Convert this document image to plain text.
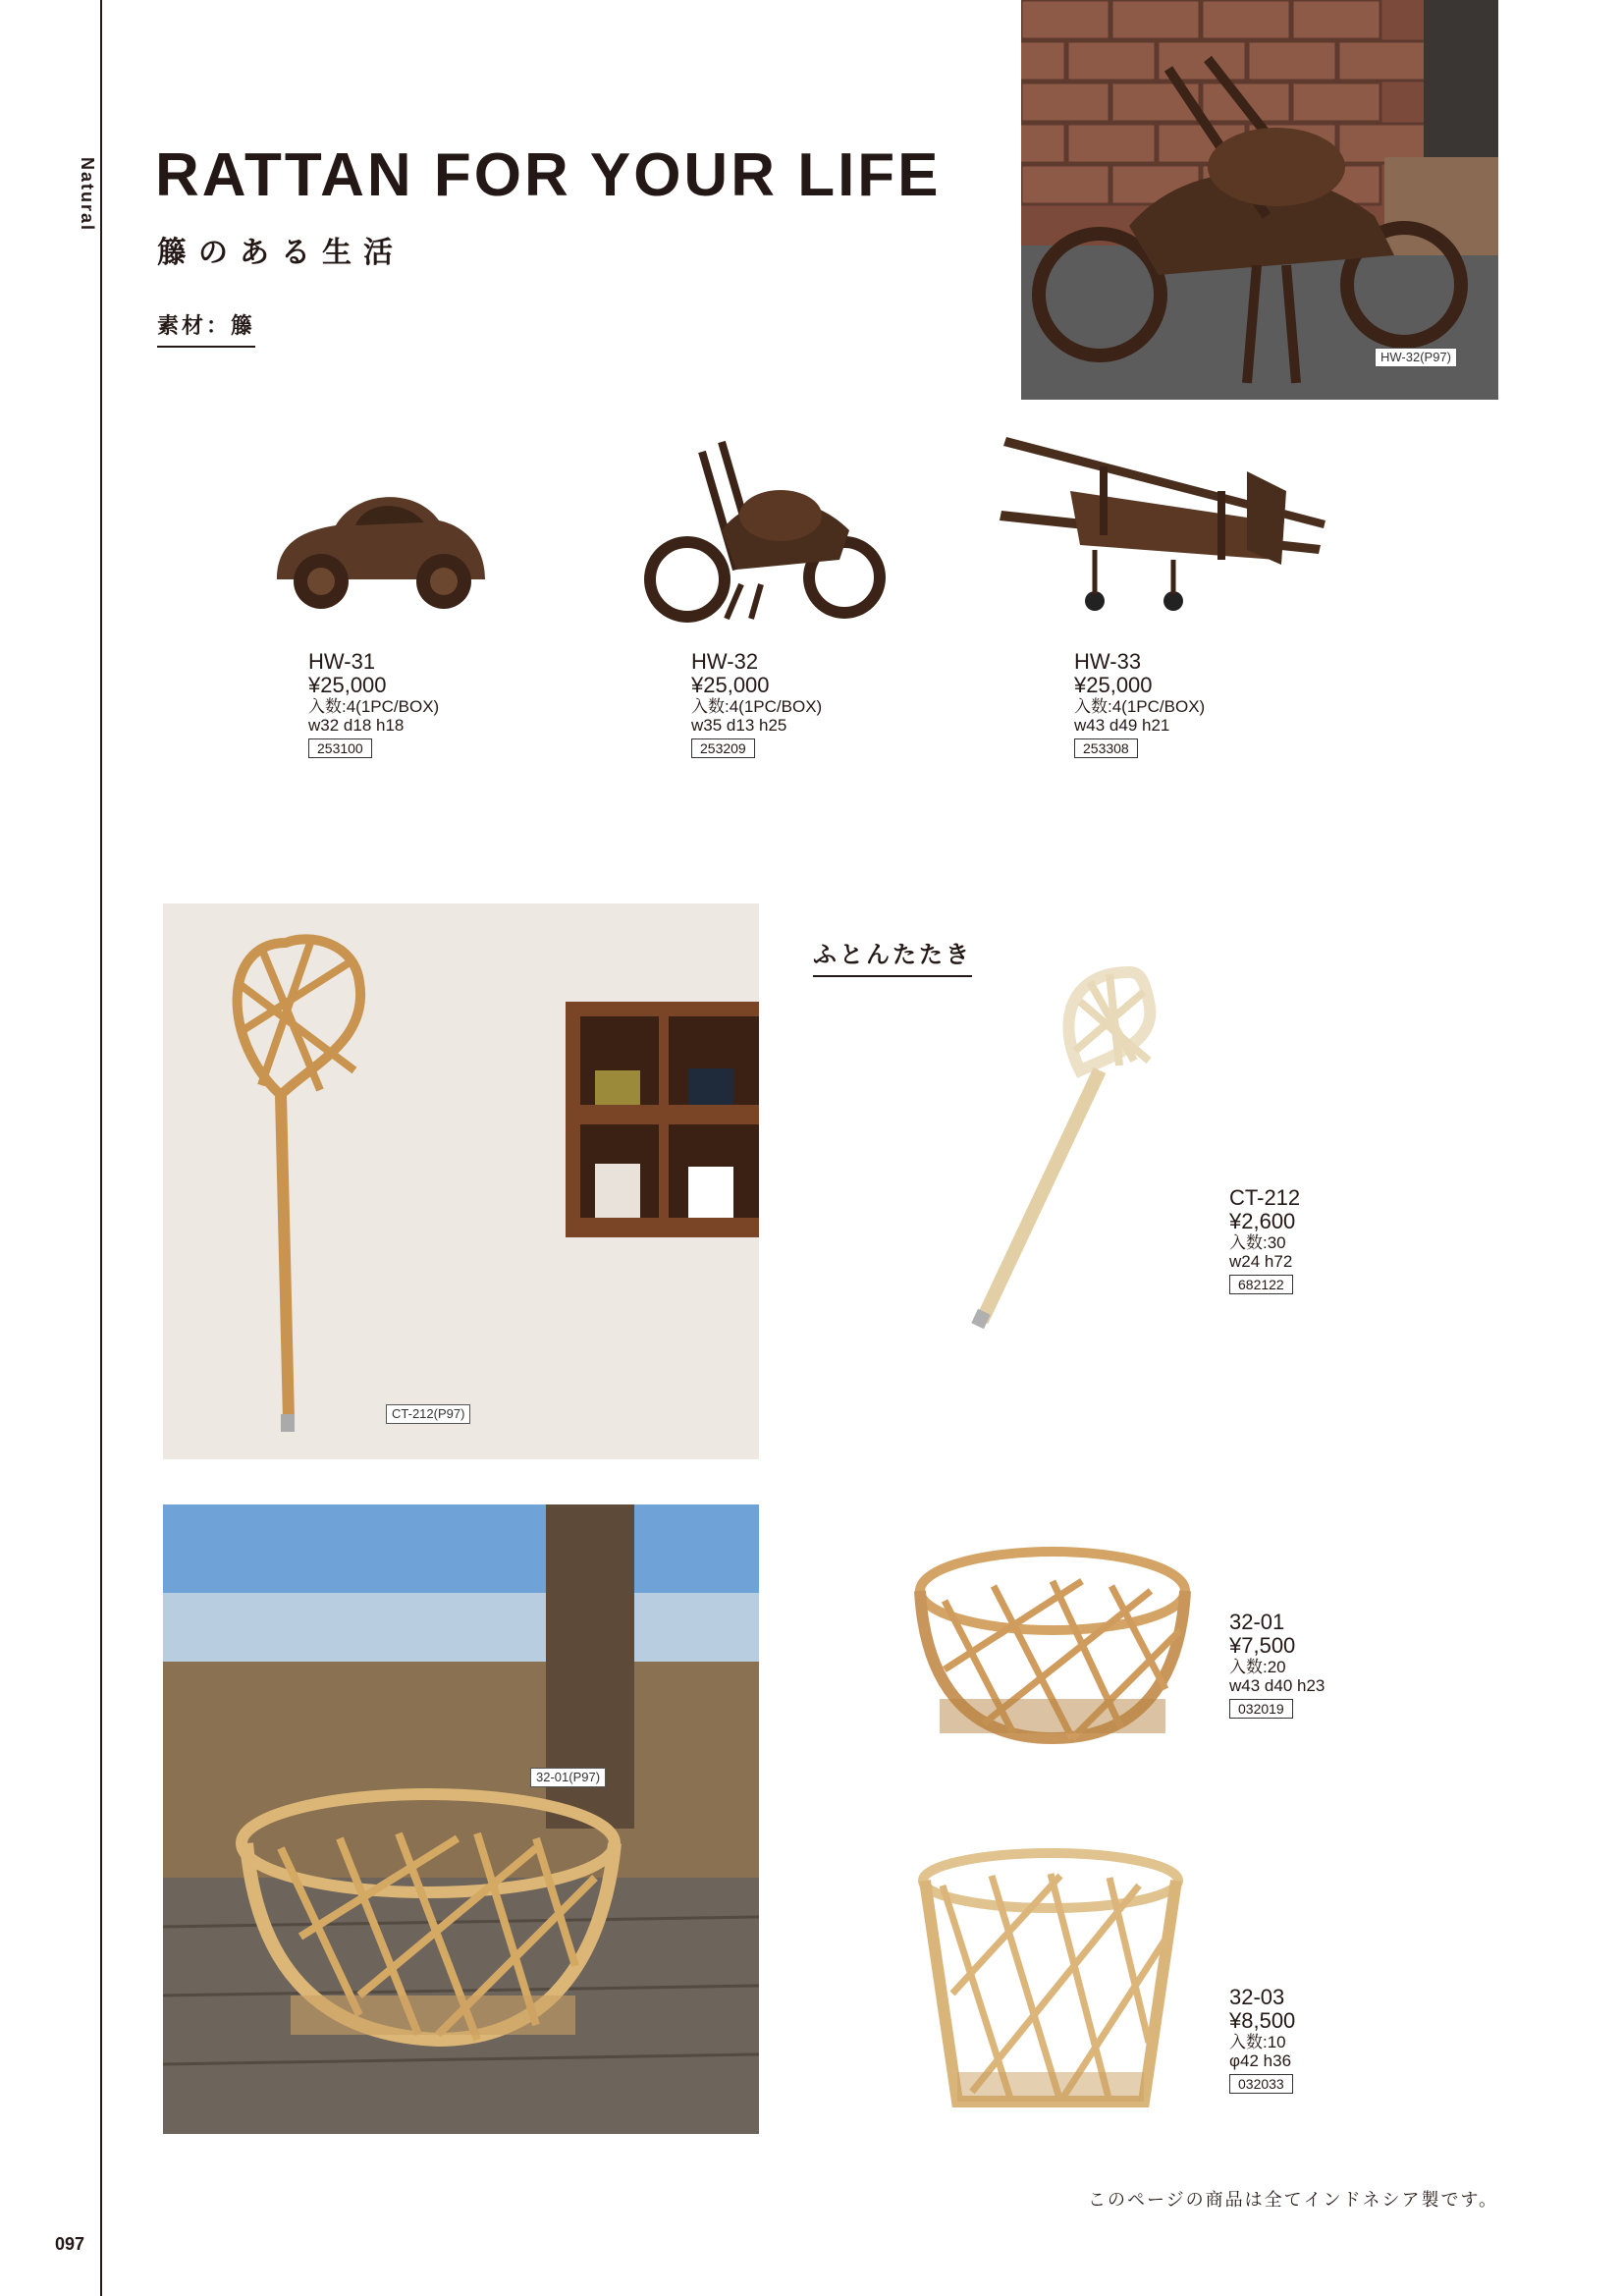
Natural
097
RATTAN FOR YOUR LIFE
籐のある生活
素材：籐
HW-32(P97)
HW-31
¥25,000
入数:4(1PC/BOX)
w32 d18 h18
253100
HW-32
¥25,000
入数:4(1PC/BOX)
w35 d13 h25
253209
HW-33
¥25,000
入数:4(1PC/BOX)
w43 d49 h21
253308
CT-212(P97)
ふとんたたき
CT-212
¥2,600
入数:30
w24 h72
682122
32-01(P97)
32-01
¥7,500
入数:20
w43 d40 h23
032019
32-03
¥8,500
入数:10
φ42 h36
032033
このページの商品は全てインドネシア製です。
